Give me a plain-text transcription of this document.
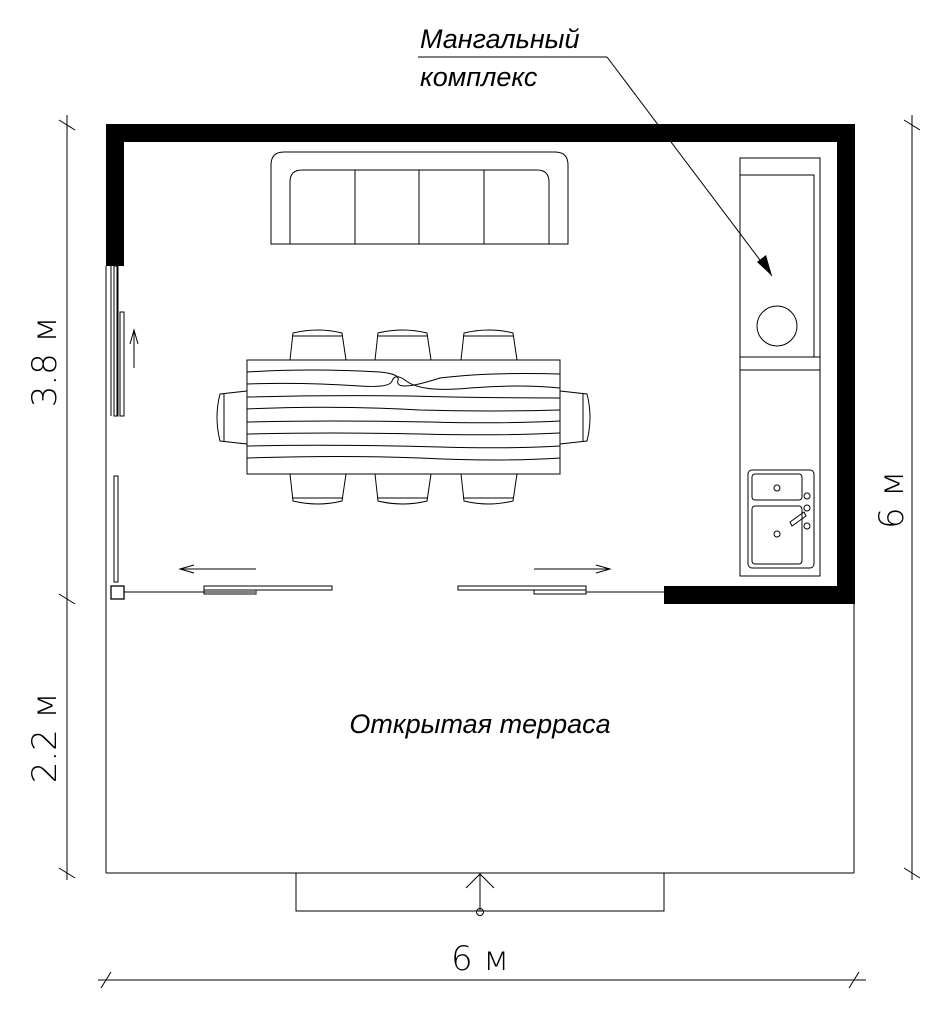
Мангальный
комплекс
Открытая терраса
3.8 м
2.2 м
6 м
6 м
